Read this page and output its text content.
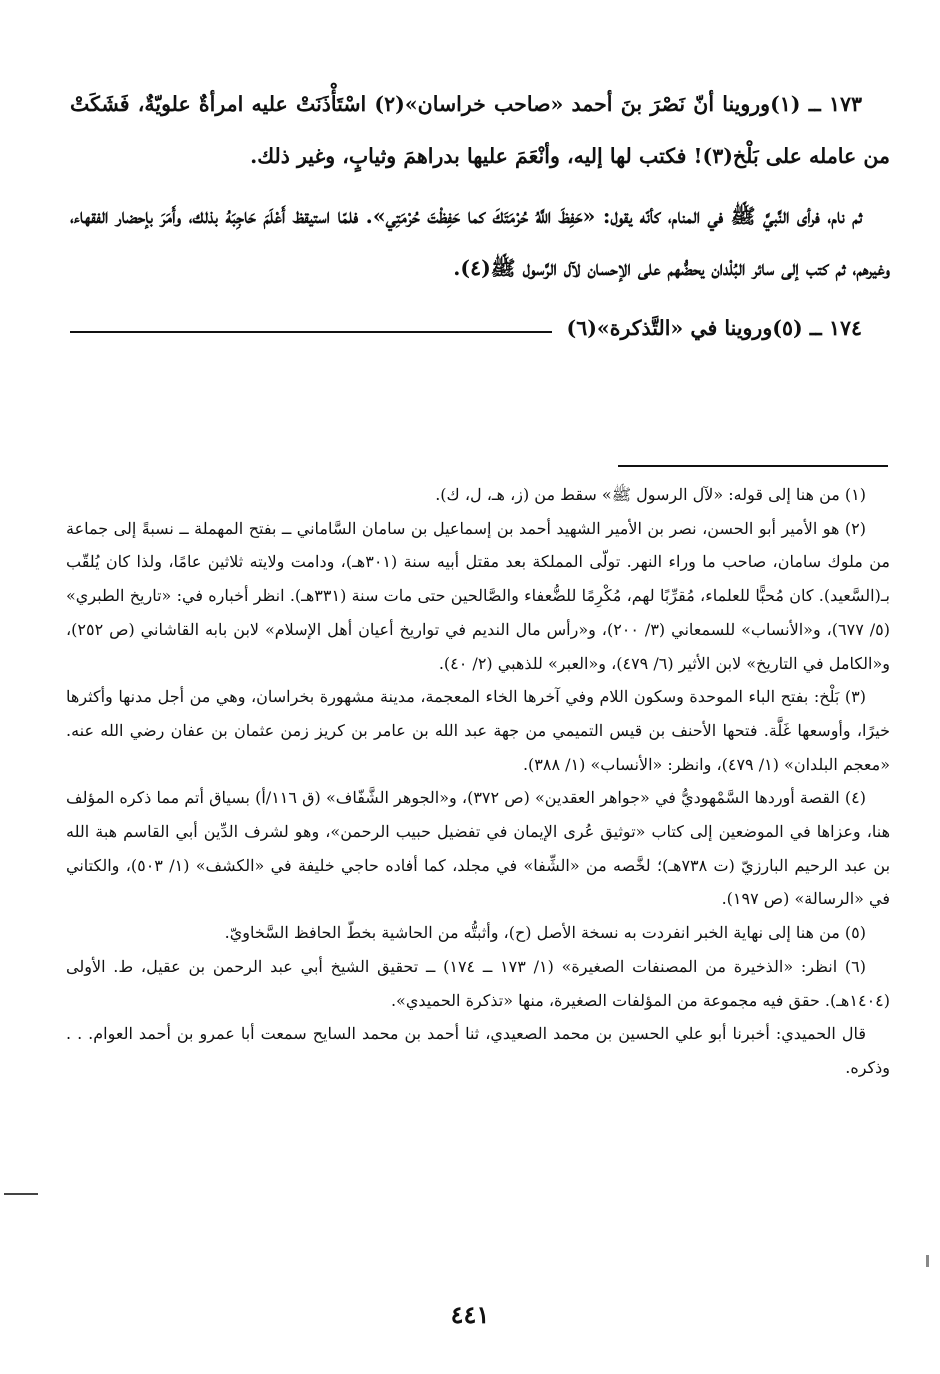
١٧٣ ــ (١)وروينا أنّ نَصْرَ بنَ أحمد «صاحب خراسان»(٢) اسْتَأْذَنَتْ عليه امرأةٌ علويّةٌ، فَشَكَتْ من عامله على بَلْخ(٣)! فكتب لها إليه، وأنْعَمَ عليها بدراهمَ وثيابٍ، وغير ذلك.

ثم نام، فرأى النَّبيَّ ﷺ في المنام، كأنّه يقول: «حَفِظَ اللَّهُ حُرْمَتَكَ كما حَفِظْتَ حُرْمَتِي». فلمّا استيقظ أَعْلَمَ حَاجِبَهُ بذلك، وأَمَرَ بإحضار الفقهاء، وغيرهم، ثم كتب إلى سائر البُلْدان يحضُّهم على الإحسان لآل الرَّسول ﷺ(٤).

١٧٤ ــ (٥)وروينا في «التَّذكرة»(٦)

(١) من هنا إلى قوله: «لآل الرسول ﷺ» سقط من (ز، هـ، ل، ك).

(٢) هو الأمير أبو الحسن، نصر بن الأمير الشهيد أحمد بن إسماعيل بن سامان السَّاماني ــ بفتح المهملة ــ نسبةً إلى جماعة من ملوك سامان، صاحب ما وراء النهر. تولّى المملكة بعد مقتل أبيه سنة (٣٠١هـ)، ودامت ولايته ثلاثين عامًا، ولذا كان يُلقّب بـ(السَّعيد). كان مُحبًّا للعلماء، مُقرِّبًا لهم، مُكْرِمًا للضُّعفاء والصَّالحين حتى مات سنة (٣٣١هـ). انظر أخباره في: «تاريخ الطبري» (٥/ ٦٧٧)، و«الأنساب» للسمعاني (٣/ ٢٠٠)، و«رأس مال النديم في تواريخ أعيان أهل الإسلام» لابن بابه القاشاني (ص ٢٥٢)، و«الكامل في التاريخ» لابن الأثير (٦/ ٤٧٩)، و«العبر» للذهبي (٢/ ٤٠).

(٣) بَلْخ: بفتح الباء الموحدة وسكون اللام وفي آخرها الخاء المعجمة، مدينة مشهورة بخراسان، وهي من أجل مدنها وأكثرها خيرًا، وأوسعها غَلَّة. فتحها الأحنف بن قيس التميمي من جهة عبد الله بن عامر بن كريز زمن عثمان بن عفان رضي الله عنه. «معجم البلدان» (١/ ٤٧٩)، وانظر: «الأنساب» (١/ ٣٨٨).

(٤) القصة أوردها السَّمْهوديُّ في «جواهر العقدين» (ص ٣٧٢)، و«الجوهر الشَّفّاف» (ق ١١٦/أ) بسياق أتم مما ذكره المؤلف هنا، وعزاها في الموضعين إلى كتاب «توثيق عُرى الإيمان في تفضيل حبيب الرحمن»، وهو لشرف الدِّين أبي القاسم هبة الله بن عبد الرحيم البارزيّ (ت ٧٣٨هـ)؛ لخَّصه من «الشِّفا» في مجلد، كما أفاده حاجي خليفة في «الكشف» (١/ ٥٠٣)، والكتاني في «الرسالة» (ص ١٩٧).

(٥) من هنا إلى نهاية الخبر انفردت به نسخة الأصل (ح)، وأثبتُّه من الحاشية بخطّ الحافظ السَّخاويّ.

(٦) انظر: «الذخيرة من المصنفات الصغيرة» (١/ ١٧٣ ــ ١٧٤) ــ تحقيق الشيخ أبي عبد الرحمن بن عقيل، ط. الأولى (١٤٠٤هـ). حقق فيه مجموعة من المؤلفات الصغيرة، منها «تذكرة الحميدي».

قال الحميدي: أخبرنا أبو علي الحسين بن محمد الصعيدي، ثنا أحمد بن محمد السايح سمعت أبا عمرو بن أحمد العوام. . . وذكره.

٤٤١
